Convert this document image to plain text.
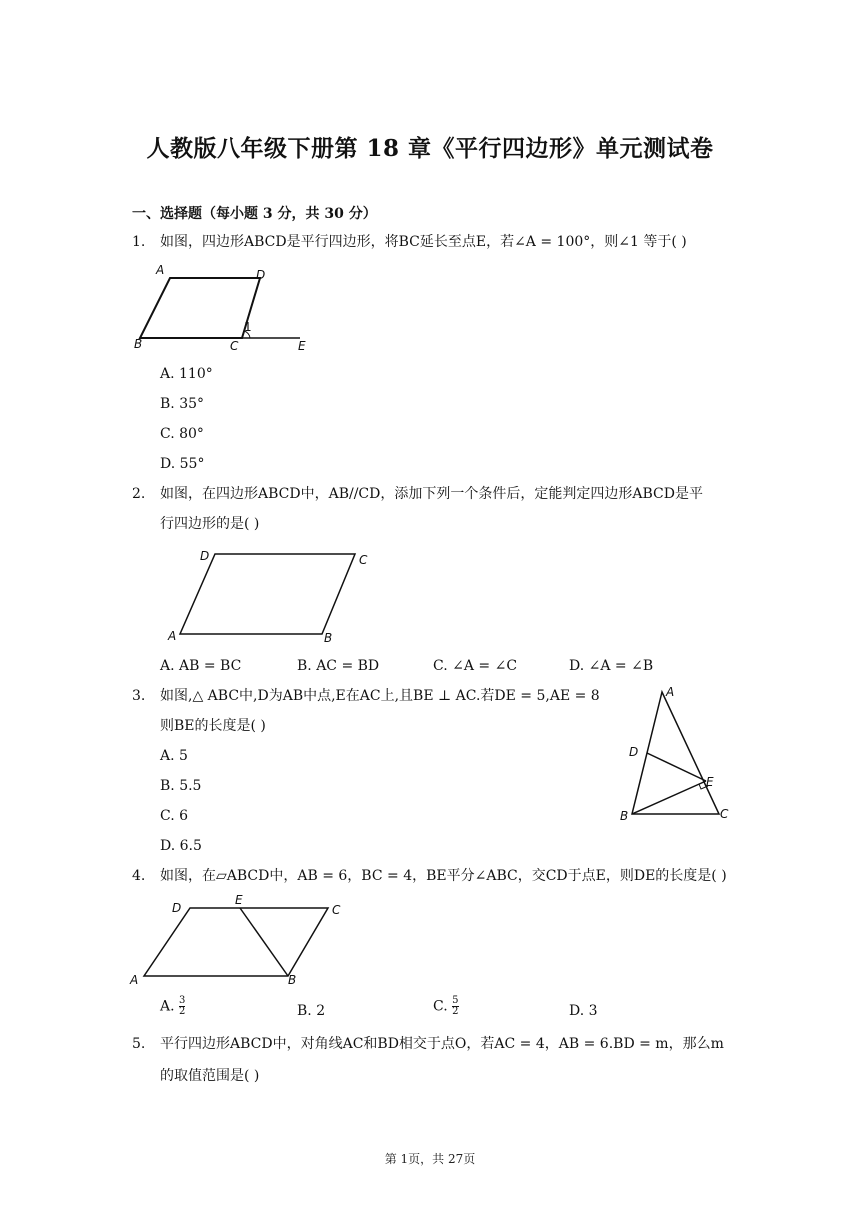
人教版八年级下册第 18 章《平行四边形》单元测试卷
一、选择题（每小题 3 分，共 30 分）
1. 如图，四边形ABCD是平行四边形，将BC延长至点E，若∠A = 100°，则∠1 等于( )
A	D
B	C	E
1
A. 110°
B. 35°
C. 80°
D. 55°
2. 如图，在四边形ABCD中，AB//CD，添加下列一个条件后，定能判定四边形ABCD是平
行四边形的是( )
D	C
A	B
A. AB = BC	B. AC = BD	C. ∠A = ∠C	D. ∠A = ∠B
3. 如图,△ ABC中,D为AB中点,E在AC上,且BE ⊥ AC.若DE = 5,AE = 8
则BE的长度是( )
A. 5
B. 5.5
C. 6
D. 6.5
A
D
E
B	C
4. 如图，在▱ABCD中，AB = 6，BC = 4，BE平分∠ABC，交CD于点E，则DE的长度是( )
D
E
C
A	B
A. $\frac{3}{2}$	B. 2	C. $\frac{5}{2}$	D. 3
5. 平行四边形ABCD中，对角线AC和BD相交于点O，若AC = 4，AB = 6.BD = m，那么m
的取值范围是( )
第 1页，共 27页
